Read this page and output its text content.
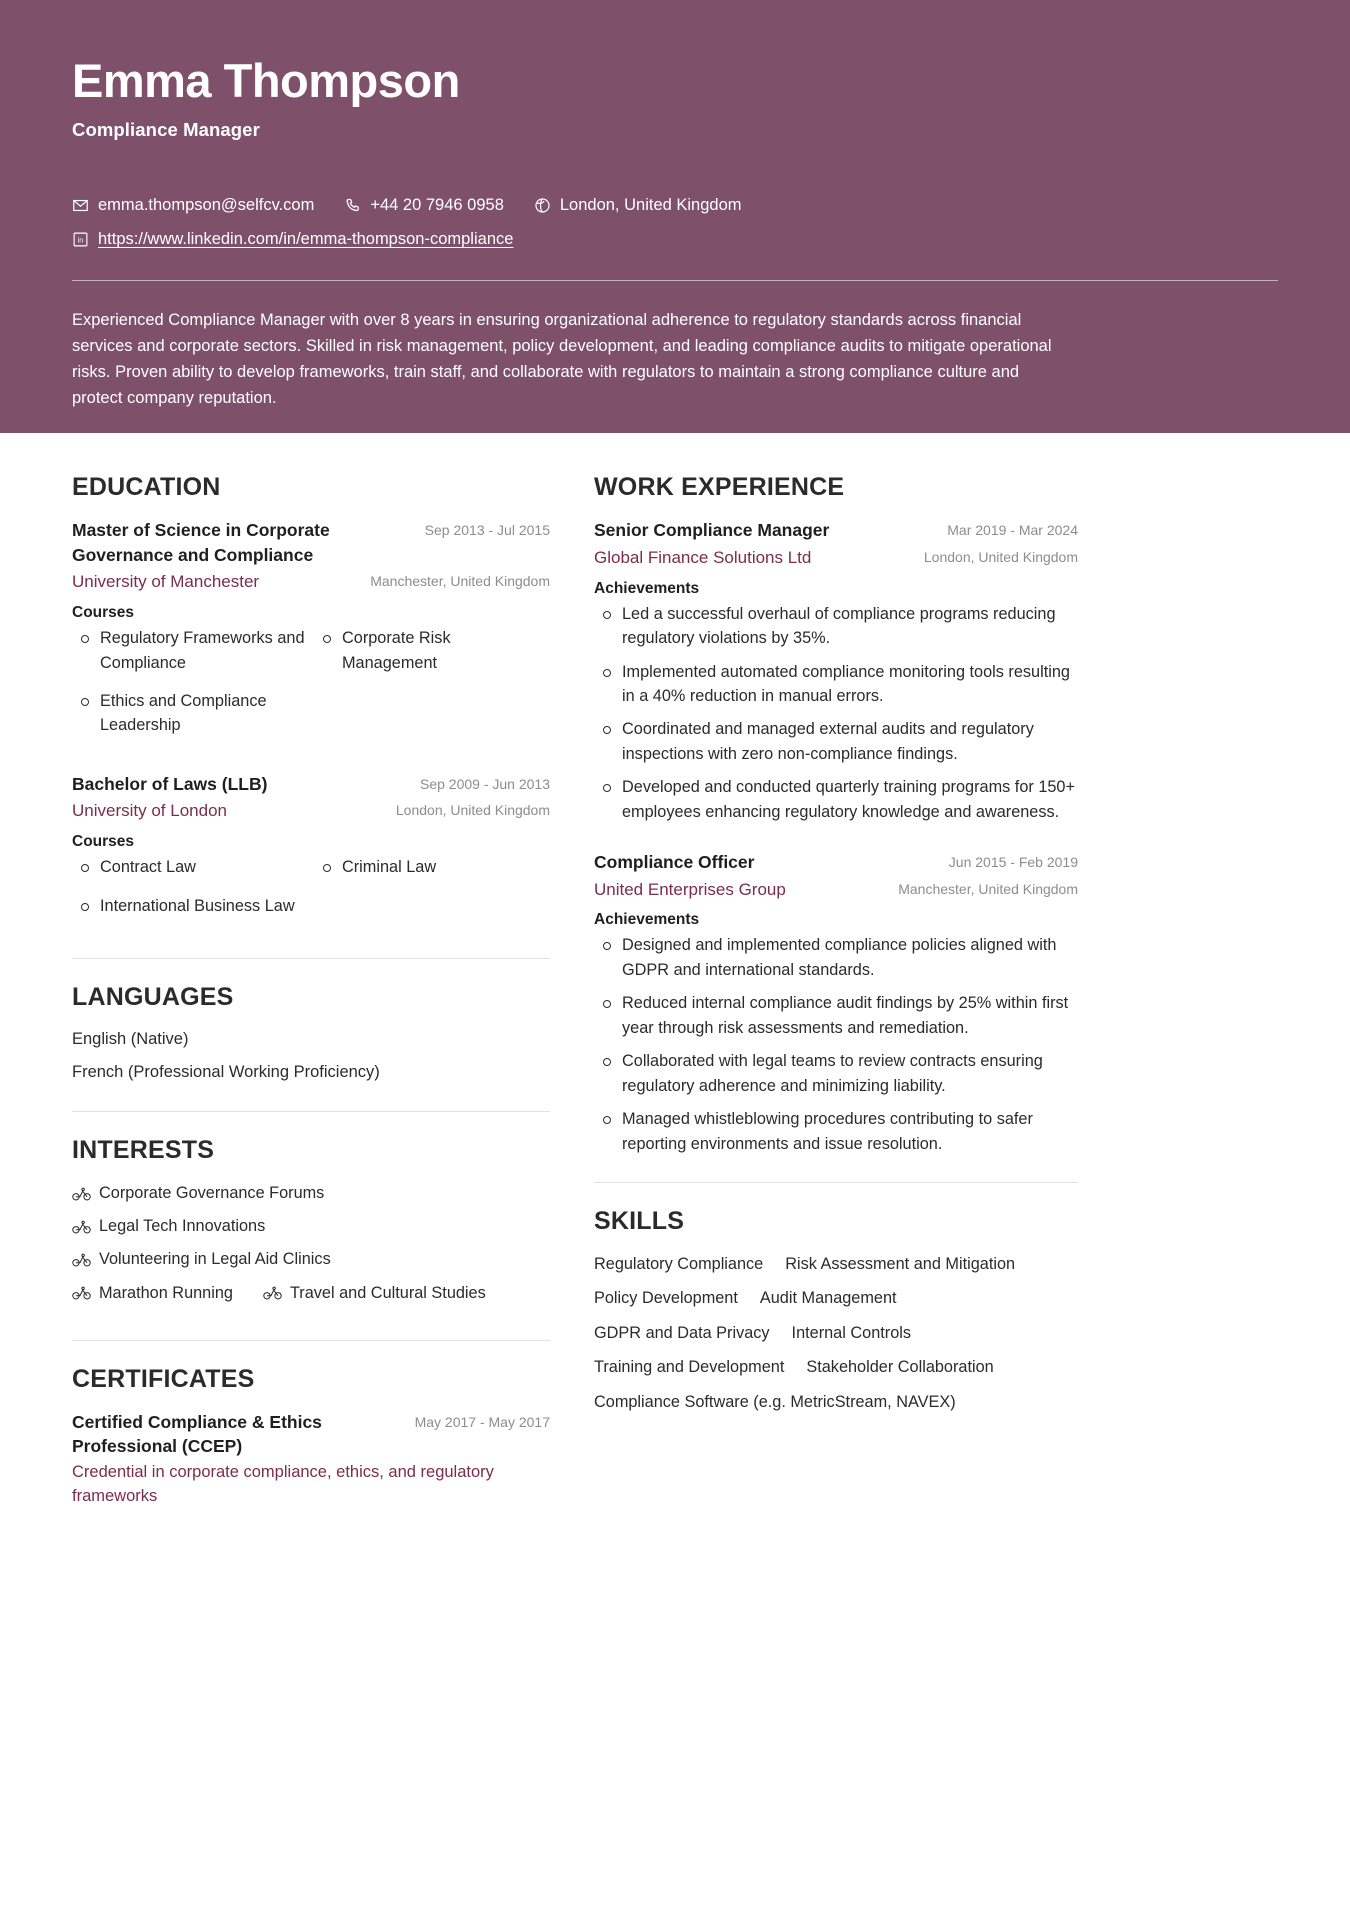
Emma Thompson
Compliance Manager
emma.thompson@selfcv.com	+44 20 7946 0958	London, United Kingdom
in https://www.linkedin.com/in/emma-thompson-compliance
Experienced Compliance Manager with over 8 years in ensuring organizational adherence to regulatory standards across financial services and corporate sectors. Skilled in risk management, policy development, and leading compliance audits to mitigate operational risks. Proven ability to develop frameworks, train staff, and collaborate with regulators to maintain a strong compliance culture and protect company reputation.
EDUCATION
Master of Science in Corporate Governance and Compliance
Sep 2013 - Jul 2015
University of Manchester	Manchester, United Kingdom
Courses
Regulatory Frameworks and Compliance
Corporate Risk Management
Ethics and Compliance Leadership
Bachelor of Laws (LLB)	Sep 2009 - Jun 2013
University of London	London, United Kingdom
Courses
Contract Law	Criminal Law
International Business Law
LANGUAGES
English (Native)
French (Professional Working Proficiency)
INTERESTS
Corporate Governance Forums
Legal Tech Innovations
Volunteering in Legal Aid Clinics
Marathon Running	Travel and Cultural Studies
CERTIFICATES
Certified Compliance & Ethics Professional (CCEP)
May 2017 - May 2017
Credential in corporate compliance, ethics, and regulatory frameworks
WORK EXPERIENCE
Senior Compliance Manager	Mar 2019 - Mar 2024
Global Finance Solutions Ltd	London, United Kingdom
Achievements
Led a successful overhaul of compliance programs reducing regulatory violations by 35%.
Implemented automated compliance monitoring tools resulting in a 40% reduction in manual errors.
Coordinated and managed external audits and regulatory inspections with zero non-compliance findings.
Developed and conducted quarterly training programs for 150+ employees enhancing regulatory knowledge and awareness.
Compliance Officer	Jun 2015 - Feb 2019
United Enterprises Group	Manchester, United Kingdom
Achievements
Designed and implemented compliance policies aligned with GDPR and international standards.
Reduced internal compliance audit findings by 25% within first year through risk assessments and remediation.
Collaborated with legal teams to review contracts ensuring regulatory adherence and minimizing liability.
Managed whistleblowing procedures contributing to safer reporting environments and issue resolution.
SKILLS
Regulatory Compliance Risk Assessment and Mitigation
Policy Development Audit Management
GDPR and Data Privacy Internal Controls
Training and Development Stakeholder Collaboration
Compliance Software (e.g. MetricStream, NAVEX)
